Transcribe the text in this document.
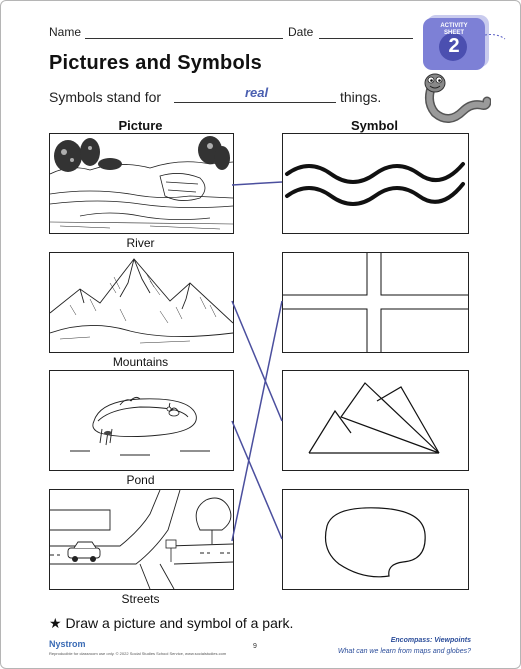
Name	Date	ACTIVITY
SHEET
2
Pictures and Symbols
Symbols stand for	real	things.
Picture	Symbol
River
Mountains
Pond
Streets
★ Draw a picture and symbol of a park.
Nystrom
Reproducible for classroom use only. © 2022 Social Studies School Service, www.socialstudies.com
9
Encompass: Viewpoints
What can we learn from maps and globes?
